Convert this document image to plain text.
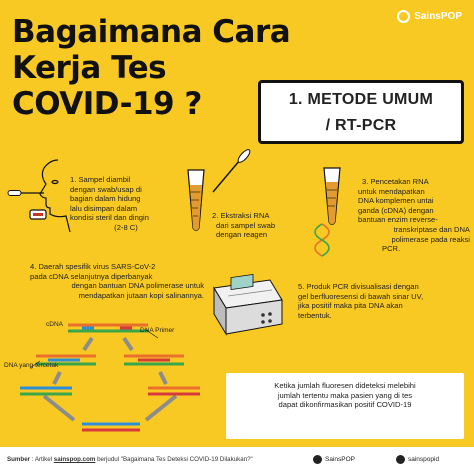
Bagaimana Cara
Kerja Tes
COVID-19 ?
SainsPOP
1. METODE UMUM
/ RT-PCR
1. Sampel diambil
dengan swab/usap di
bagian dalam hidung
lalu disimpan dalam
kondisi steril dan dingin
(2-8 C)
2. Ekstraksi RNA
dari sampel swab
dengan reagen
3. Pencetakan RNA
untuk mendapatkan
DNA komplemen untai
ganda (cDNA) dengan
bantuan enzim reverse-
transkriptase dan DNA
polimerase pada reaksi
PCR.
4. Daerah spesifik virus SARS-CoV-2
pada cDNA selanjutnya diperbanyak
dengan bantuan DNA polimerase untuk
mendapatkan jutaan kopi salinannya.
5. Produk PCR divisualisasi dengan
gel berfluoresensi di bawah sinar UV,
jika positif maka pita DNA akan
terbentuk.
cDNA
DNA Primer
DNA yang tercetak
Ketika jumlah fluoresen dideteksi melebihi
jumlah tertentu maka pasien yang di tes
dapat dikonfirmasikan positif COVID-19
Sumber : Artikel sainspop.com berjudul "Bagaimana Tes Deteksi COVID-19 Dilakukan?"	SainsPOP	sainspopid
